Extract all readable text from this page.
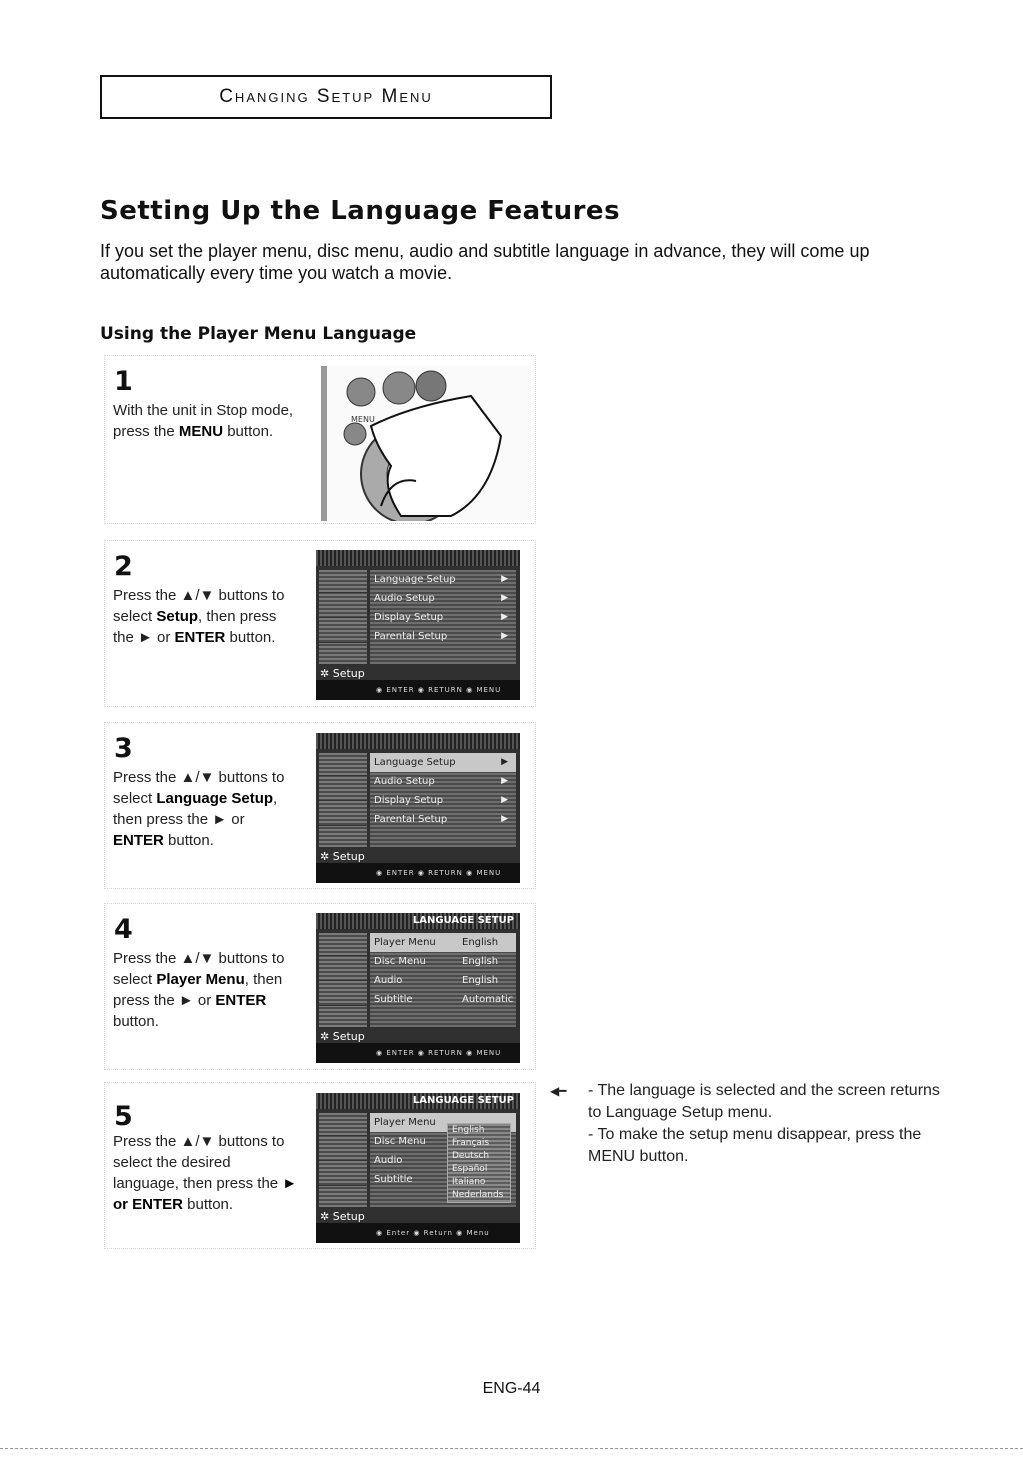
Changing Setup Menu
Setting Up the Language Features
If you set the player menu, disc menu, audio and subtitle language in advance, they will come up automatically every time you watch a movie.
Using the Player Menu Language
1
With the unit in Stop mode, press the MENU button.
MENU
2
Press the ▲/▼ buttons to select Setup, then press the ► or ENTER button.
Language Setup	▶
Audio Setup	▶
Display Setup	▶
Parental Setup	▶
✲ Setup
◉ ENTER ◉ RETURN ◉ MENU
3
Press the ▲/▼ buttons to select Language Setup, then press the ► or ENTER button.
Language Setup	▶
Audio Setup	▶
Display Setup	▶
Parental Setup	▶
✲ Setup
◉ ENTER ◉ RETURN ◉ MENU
4
Press the ▲/▼ buttons to select Player Menu, then press the ► or ENTER button.
LANGUAGE SETUP
Player Menu	English
Disc Menu	English
Audio	English
Subtitle	Automatic
✲ Setup
◉ ENTER ◉ RETURN ◉ MENU
5
Press the ▲/▼ buttons to select the desired language, then press the ► or ENTER button.
LANGUAGE SETUP
Player Menu
Disc Menu
Audio
Subtitle
English
Français
Deutsch
Español
Italiano
Nederlands
✲ Setup
◉ Enter ◉ Return ◉ Menu
◀━ - The language is selected and the screen returns to Language Setup menu.
- To make the setup menu disappear, press the MENU button.
ENG-44
